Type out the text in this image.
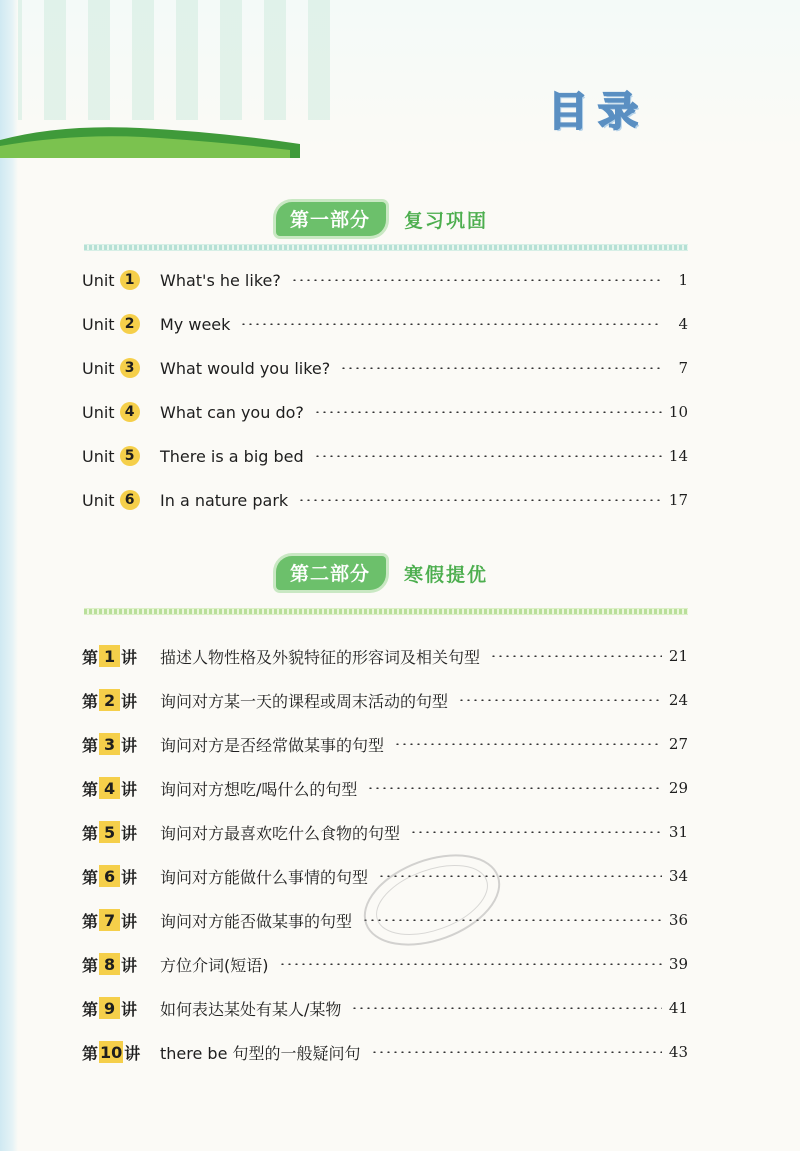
目录
第一部分	复习巩固
Unit 1	What's he like?	1
Unit 2	My week	4
Unit 3	What would you like?	7
Unit 4	What can you do?	10
Unit 5	There is a big bed	14
Unit 6	In a nature park	17
第二部分	寒假提优
第 1 讲 描述人物性格及外貌特征的形容词及相关句型	21
第 2 讲 询问对方某一天的课程或周末活动的句型	24
第 3 讲 询问对方是否经常做某事的句型	27
第 4 讲 询问对方想吃/喝什么的句型	29
第 5 讲 询问对方最喜欢吃什么食物的句型	31
第 6 讲 询问对方能做什么事情的句型	34
第 7 讲 询问对方能否做某事的句型	36
第 8 讲 方位介词(短语)	39
第 9 讲 如何表达某处有某人/某物	41
第 10 讲 there be 句型的一般疑问句	43
